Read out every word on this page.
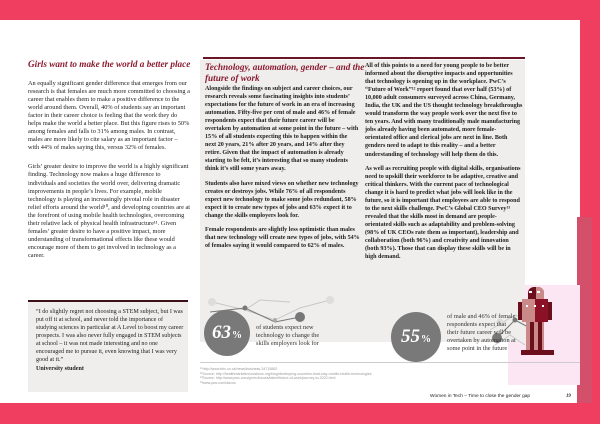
Girls want to make the world a better place

An equally significant gender difference that emerges from our research is that females are much more committed to choosing a career that enables them to make a positive difference to the world around them. Overall, 40% of students say an important factor in their career choice is feeling that the work they do helps make the world a better place. But this figure rises to 50% among females and falls to 31% among males. In contrast, males are more likely to cite salary as an important factor – with 44% of males saying this, versus 32% of females.

Girls’ greater desire to improve the world is a highly significant finding. Technology now makes a huge difference to individuals and societies the world over, delivering dramatic improvements in people’s lives. For example, mobile technology is playing an increasingly pivotal role in disaster relief efforts around the world¹⁰, and developing countries are at the forefront of using mobile health technologies, overcoming their relative lack of physical health infrastructure¹¹. Given females’ greater desire to have a positive impact, more understanding of transformational effects like these would encourage more of them to get involved in technology as a career.

“I do slightly regret not choosing a STEM subject, but I was put off it at school, and never told the importance of studying sciences in particular at A Level to boost my career prospects. I was also never fully engaged in STEM subjects at school – it was not made interesting and no one encouraged me to pursue it, even knowing that I was very good at it.”
University student
Technology, automation, gender – and the future of work

Alongside the findings on subject and career choices, our research reveals some fascinating insights into students’ expectations for the future of work in an era of increasing automation. Fifty-five per cent of male and 46% of female respondents expect that their future career will be overtaken by automation at some point in the future – with 15% of all students expecting this to happen within the next 20 years, 21% after 20 years, and 14% after they retire. Given that the impact of automation is already starting to be felt, it’s interesting that so many students think it’s still some years away.

Students also have mixed views on whether new technology creates or destroys jobs. While 76% of all respondents expect new technology to make some jobs redundant, 58% expect it to create new types of jobs and 63% expect it to change the skills employers look for.

Female respondents are slightly less optimistic than males that new technology will create new types of jobs, with 54% of females saying it would compared to 62% of males.

All of this points to a need for young people to be better informed about the disruptive impacts and opportunities that technology is opening up in the workplace. PwC’s “Future of Work”¹² report found that over half (53%) of 10,000 adult consumers surveyed across China, Germany, India, the UK and the US thought technology breakthroughs would transform the way people work over the next five to ten years. And with many traditionally male manufacturing jobs already having been automated, more female-orientated office and clerical jobs are next in line. Both genders need to adapt to this reality – and a better understanding of technology will help them do this.

As well as recruiting people with digital skills, organisations need to upskill their workforce to be adaptive, creative and critical thinkers. With the current pace of technological change it is hard to predict what jobs will look like in the future, so it is important that employees are able to respond to the next skills challenge. PwC’s Global CEO Survey¹³ revealed that the skills most in demand are people-orientated skills such as adaptability and problem-solving (98% of UK CEOs rate them as important), leadership and collaboration (both 96%) and creativity and innovation (both 93%). Those that can display these skills will be in high demand.

63 %
of students expect new technology to change the skills employers look for	55 %
of male and 46% of female respondents expect that their future career will be overtaken by automation at some point in the future
¹⁰http://www.bbc.co.uk/news/business-34715862
¹¹Source: http://healthmarketinnovations.org/blog/developing-countries-lead-way-mobile-health-technologies
¹²Source: http://www.pwc.com/gx/en/issues/talent/future-of-work/journey-to-2022.html
¹³www.pwc.com/davos
Women in Tech – Time to close the gender gap	19
